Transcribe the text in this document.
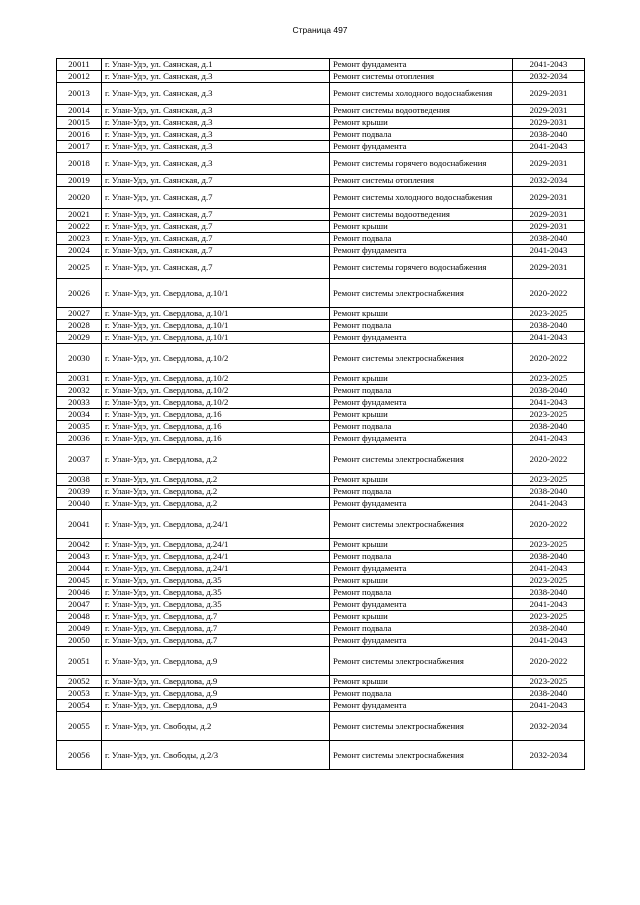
Страница 497
20011	г. Улан-Удэ, ул. Саянская, д.1	Ремонт фундамента	2041-2043
20012	г. Улан-Удэ, ул. Саянская, д.3	Ремонт системы отопления	2032-2034
20013	г. Улан-Удэ, ул. Саянская, д.3	Ремонт системы холодного водоснабжения	2029-2031
20014	г. Улан-Удэ, ул. Саянская, д.3	Ремонт системы водоотведения	2029-2031
20015	г. Улан-Удэ, ул. Саянская, д.3	Ремонт крыши	2029-2031
20016	г. Улан-Удэ, ул. Саянская, д.3	Ремонт подвала	2038-2040
20017	г. Улан-Удэ, ул. Саянская, д.3	Ремонт фундамента	2041-2043
20018	г. Улан-Удэ, ул. Саянская, д.3	Ремонт системы горячего водоснабжения	2029-2031
20019	г. Улан-Удэ, ул. Саянская, д.7	Ремонт системы отопления	2032-2034
20020	г. Улан-Удэ, ул. Саянская, д.7	Ремонт системы холодного водоснабжения	2029-2031
20021	г. Улан-Удэ, ул. Саянская, д.7	Ремонт системы водоотведения	2029-2031
20022	г. Улан-Удэ, ул. Саянская, д.7	Ремонт крыши	2029-2031
20023	г. Улан-Удэ, ул. Саянская, д.7	Ремонт подвала	2038-2040
20024	г. Улан-Удэ, ул. Саянская, д.7	Ремонт фундамента	2041-2043
20025	г. Улан-Удэ, ул. Саянская, д.7	Ремонт системы горячего водоснабжения	2029-2031
20026	г. Улан-Удэ, ул. Свердлова, д.10/1	Ремонт системы электроснабжения	2020-2022
20027	г. Улан-Удэ, ул. Свердлова, д.10/1	Ремонт крыши	2023-2025
20028	г. Улан-Удэ, ул. Свердлова, д.10/1	Ремонт подвала	2038-2040
20029	г. Улан-Удэ, ул. Свердлова, д.10/1	Ремонт фундамента	2041-2043
20030	г. Улан-Удэ, ул. Свердлова, д.10/2	Ремонт системы электроснабжения	2020-2022
20031	г. Улан-Удэ, ул. Свердлова, д.10/2	Ремонт крыши	2023-2025
20032	г. Улан-Удэ, ул. Свердлова, д.10/2	Ремонт подвала	2038-2040
20033	г. Улан-Удэ, ул. Свердлова, д.10/2	Ремонт фундамента	2041-2043
20034	г. Улан-Удэ, ул. Свердлова, д.16	Ремонт крыши	2023-2025
20035	г. Улан-Удэ, ул. Свердлова, д.16	Ремонт подвала	2038-2040
20036	г. Улан-Удэ, ул. Свердлова, д.16	Ремонт фундамента	2041-2043
20037	г. Улан-Удэ, ул. Свердлова, д.2	Ремонт системы электроснабжения	2020-2022
20038	г. Улан-Удэ, ул. Свердлова, д.2	Ремонт крыши	2023-2025
20039	г. Улан-Удэ, ул. Свердлова, д.2	Ремонт подвала	2038-2040
20040	г. Улан-Удэ, ул. Свердлова, д.2	Ремонт фундамента	2041-2043
20041	г. Улан-Удэ, ул. Свердлова, д.24/1	Ремонт системы электроснабжения	2020-2022
20042	г. Улан-Удэ, ул. Свердлова, д.24/1	Ремонт крыши	2023-2025
20043	г. Улан-Удэ, ул. Свердлова, д.24/1	Ремонт подвала	2038-2040
20044	г. Улан-Удэ, ул. Свердлова, д.24/1	Ремонт фундамента	2041-2043
20045	г. Улан-Удэ, ул. Свердлова, д.35	Ремонт крыши	2023-2025
20046	г. Улан-Удэ, ул. Свердлова, д.35	Ремонт подвала	2038-2040
20047	г. Улан-Удэ, ул. Свердлова, д.35	Ремонт фундамента	2041-2043
20048	г. Улан-Удэ, ул. Свердлова, д.7	Ремонт крыши	2023-2025
20049	г. Улан-Удэ, ул. Свердлова, д.7	Ремонт подвала	2038-2040
20050	г. Улан-Удэ, ул. Свердлова, д.7	Ремонт фундамента	2041-2043
20051	г. Улан-Удэ, ул. Свердлова, д.9	Ремонт системы электроснабжения	2020-2022
20052	г. Улан-Удэ, ул. Свердлова, д.9	Ремонт крыши	2023-2025
20053	г. Улан-Удэ, ул. Свердлова, д.9	Ремонт подвала	2038-2040
20054	г. Улан-Удэ, ул. Свердлова, д.9	Ремонт фундамента	2041-2043
20055	г. Улан-Удэ, ул. Свободы, д.2	Ремонт системы электроснабжения	2032-2034
20056	г. Улан-Удэ, ул. Свободы, д.2/3	Ремонт системы электроснабжения	2032-2034
